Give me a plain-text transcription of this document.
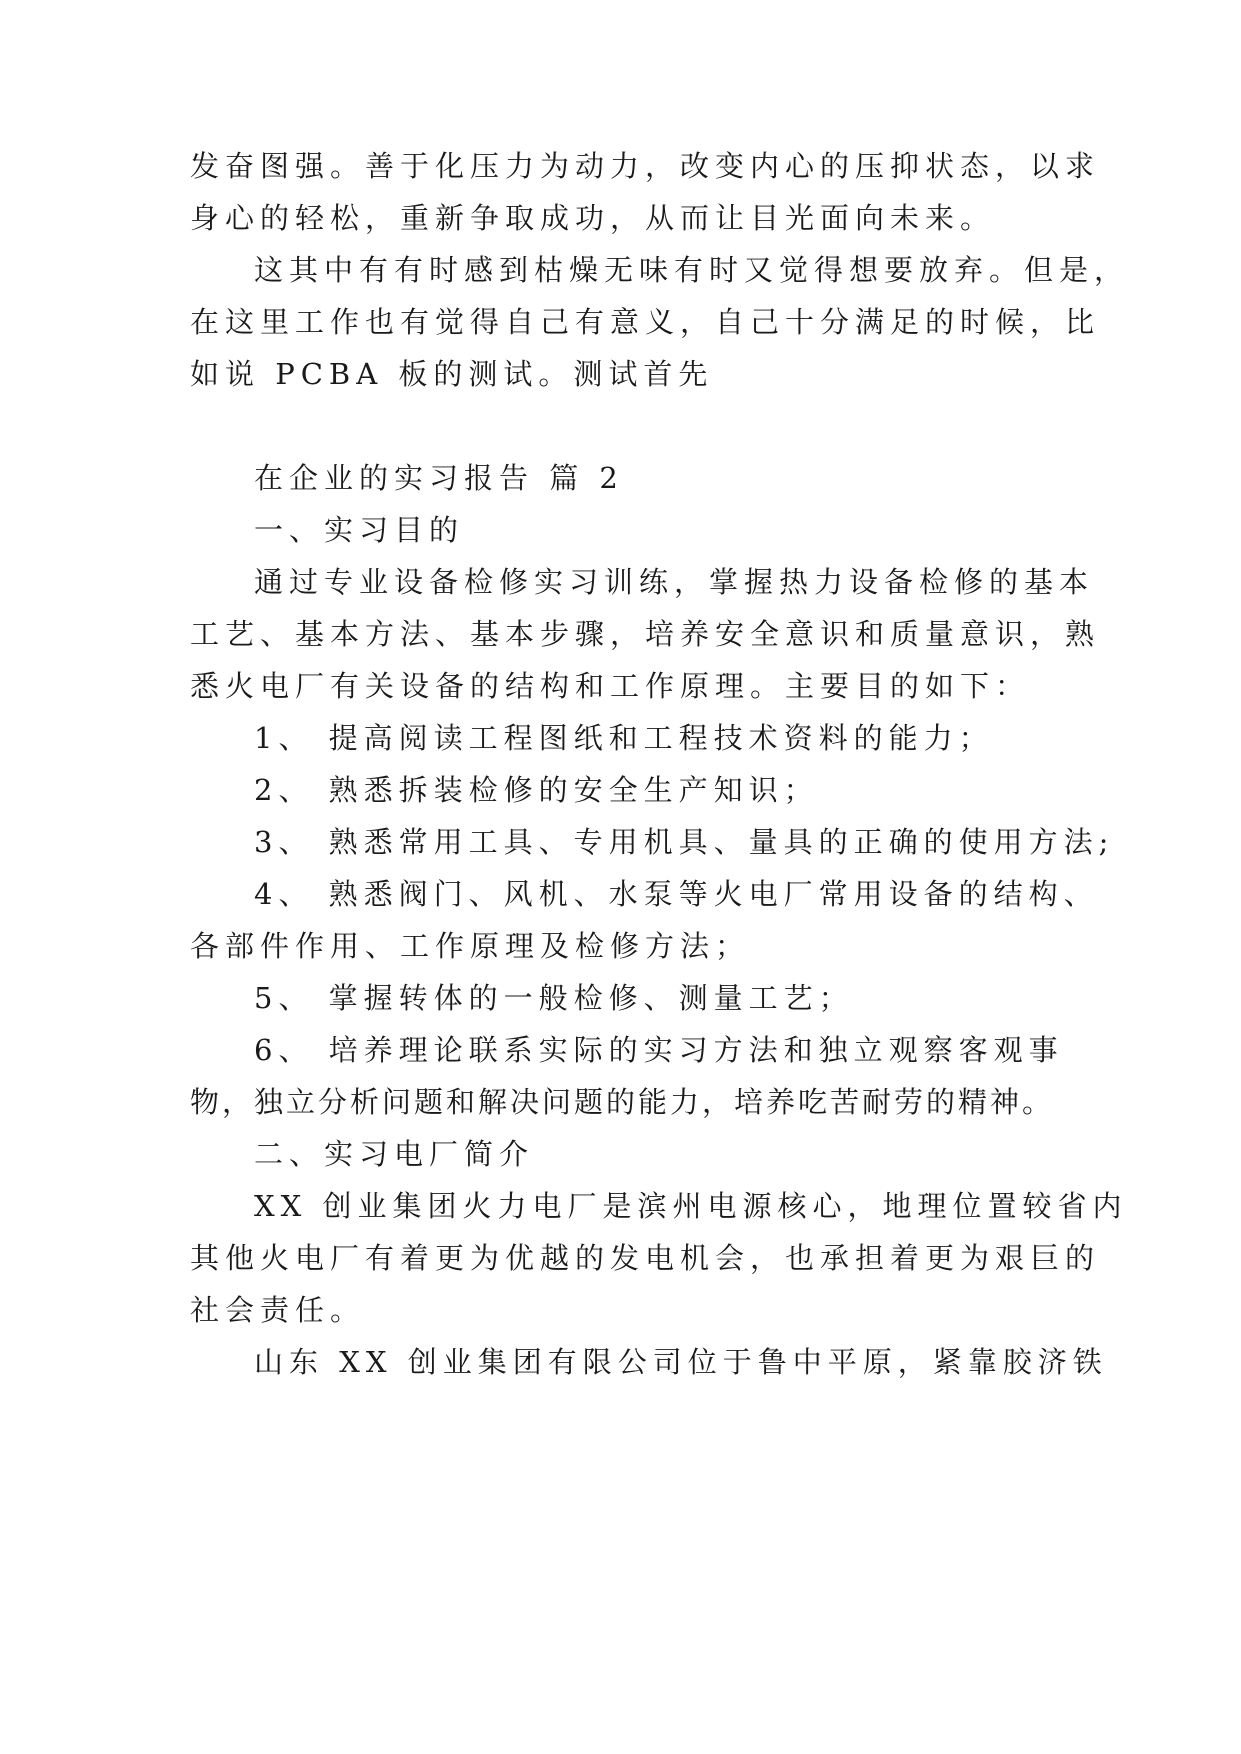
发奋图强。善于化压力为动力，改变内心的压抑状态，以求
身心的轻松，重新争取成功，从而让目光面向未来。
这其中有有时感到枯燥无味有时又觉得想要放弃。但是，
在这里工作也有觉得自己有意义，自己十分满足的时候，比
如说 PCBA 板的测试。测试首先
在企业的实习报告 篇 2
一、实习目的
通过专业设备检修实习训练，掌握热力设备检修的基本
工艺、基本方法、基本步骤，培养安全意识和质量意识，熟
悉火电厂有关设备的结构和工作原理。主要目的如下：
1、 提高阅读工程图纸和工程技术资料的能力；
2、 熟悉拆装检修的安全生产知识；
3、 熟悉常用工具、专用机具、量具的正确的使用方法;
4、 熟悉阀门、风机、水泵等火电厂常用设备的结构、
各部件作用、工作原理及检修方法；
5、 掌握转体的一般检修、测量工艺；
6、 培养理论联系实际的实习方法和独立观察客观事
物，独立分析问题和解决问题的能力，培养吃苦耐劳的精神。
二、实习电厂简介
XX 创业集团火力电厂是滨州电源核心，地理位置较省内
其他火电厂有着更为优越的发电机会，也承担着更为艰巨的
社会责任。
山东 XX 创业集团有限公司位于鲁中平原，紧靠胶济铁
